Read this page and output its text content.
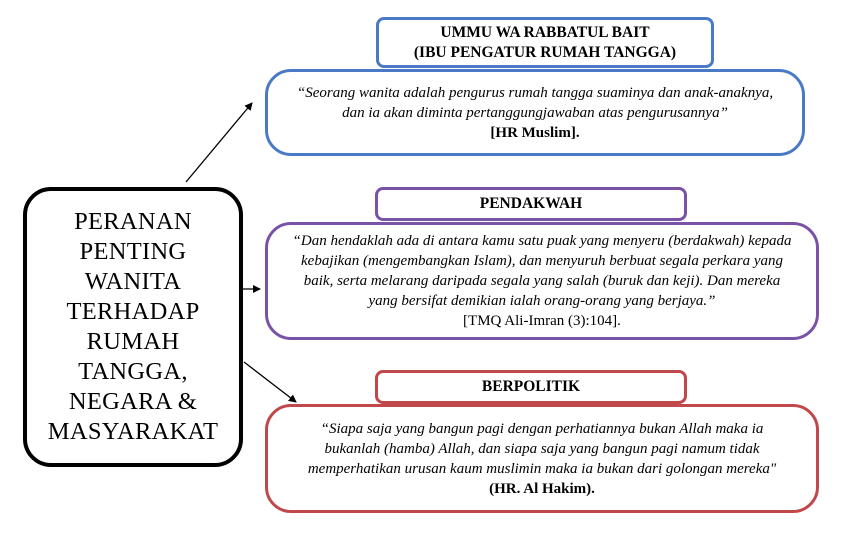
PERANAN
PENTING
WANITA
TERHADAP
RUMAH
TANGGA,
NEGARA &
MASYARAKAT
“Seorang wanita adalah pengurus rumah tangga suaminya dan anak-anaknya, dan ia akan diminta pertanggungjawaban atas pengurusannya”
[HR Muslim].
UMMU WA RABBATUL BAIT
(IBU PENGATUR RUMAH TANGGA)
“Dan hendaklah ada di antara kamu satu puak yang menyeru (berdakwah) kepada kebajikan (mengembangkan Islam), dan menyuruh berbuat segala perkara yang baik, serta melarang daripada segala yang salah (buruk dan keji). Dan mereka yang bersifat demikian ialah orang-orang yang berjaya.”
[TMQ Ali-Imran (3):104].
PENDAKWAH
“Siapa saja yang bangun pagi dengan perhatiannya bukan Allah maka ia bukanlah (hamba) Allah, dan siapa saja yang bangun pagi namum tidak memperhatikan urusan kaum muslimin maka ia bukan dari golongan mereka" (HR. Al Hakim).
BERPOLITIK
